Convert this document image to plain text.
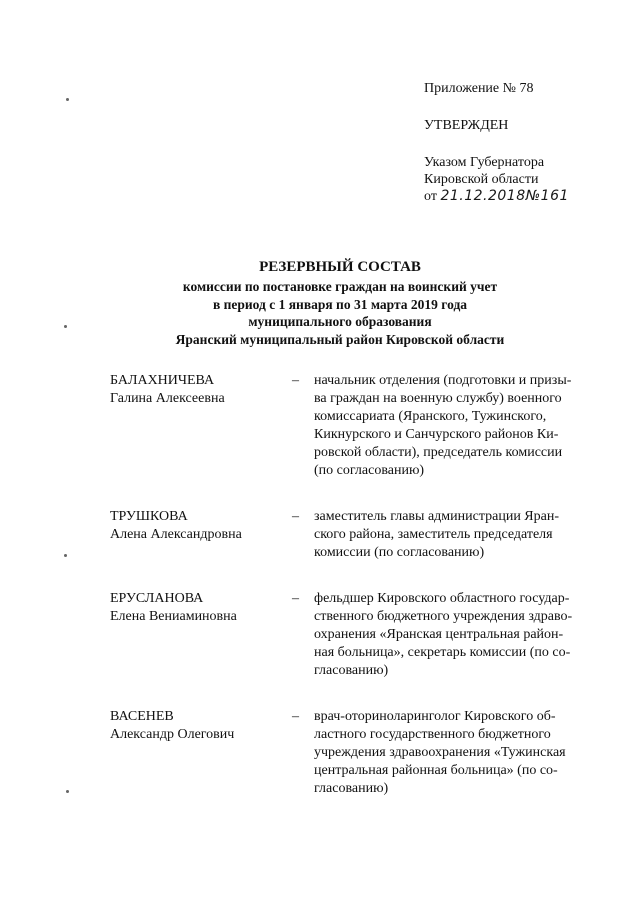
Приложение № 78
УТВЕРЖДЕН
Указом Губернатора
Кировской области
от 21.12.2018№161
РЕЗЕРВНЫЙ СОСТАВ
комиссии по постановке граждан на воинский учет
в период с 1 января по 31 марта 2019 года
муниципального образования
Яранский муниципальный район Кировской области
БАЛАХНИЧЕВА
Галина Алексеевна
–	начальник отделения (подготовки и призы-
ва граждан на военную службу) военного
комиссариата (Яранского, Тужинского,
Кикнурского и Санчурского районов Ки-
ровской области), председатель комиссии
(по согласованию)
ТРУШКОВА
Алена Александровна
–	заместитель главы администрации Яран-
ского района, заместитель председателя
комиссии (по согласованию)
ЕРУСЛАНОВА
Елена Вениаминовна
–	фельдшер Кировского областного государ-
ственного бюджетного учреждения здраво-
охранения «Яранская центральная район-
ная больница», секретарь комиссии (по со-
гласованию)
ВАСЕНЕВ
Александр Олегович
–	врач-оториноларинголог Кировского об-
ластного государственного бюджетного
учреждения здравоохранения «Тужинская
центральная районная больница» (по со-
гласованию)
